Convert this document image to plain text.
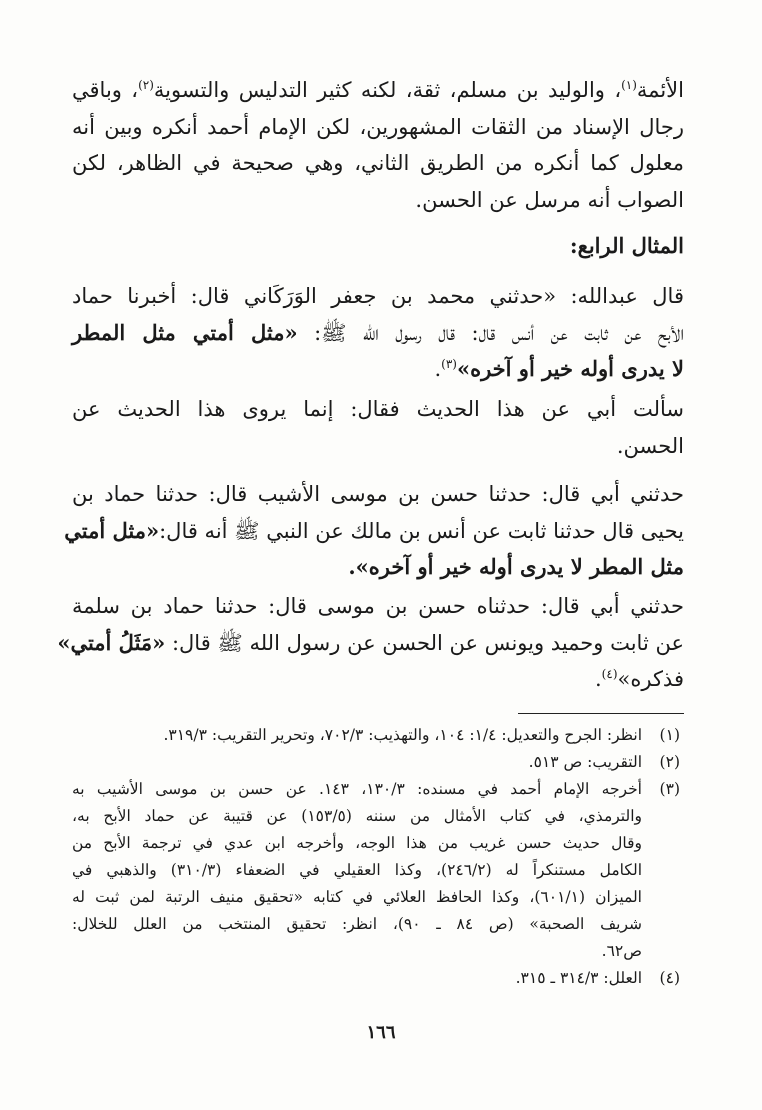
الأئمة$^{(١)}$، والوليد بن مسلم، ثقة، لكنه كثير التدليس والتسوية$^{(٢)}$، وباقي
رجال الإسناد من الثقات المشهورين، لكن الإمام أحمد أنكره وبين أنه
معلول كما أنكره من الطريق الثاني، وهي صحيحة في الظاهر، لكن
الصواب أنه مرسل عن الحسن.
المثال الرابع:
قال عبدالله: «حدثني محمد بن جعفر الوَرَكَاني قال: أخبرنا حماد
الأبح عن ثابت عن أنس قال: قال رسول الله ﷺ: «مثل أمتي مثل المطر
لا يدرى أوله خير أو آخره»$^{(٣)}$.
سألت أبي عن هذا الحديث فقال: إنما يروى هذا الحديث عن
الحسن.
حدثني أبي قال: حدثنا حسن بن موسى الأشيب قال: حدثنا حماد بن
يحيى قال حدثنا ثابت عن أنس بن مالك عن النبي ﷺ أنه قال:«مثل أمتي
مثل المطر لا يدرى أوله خير أو آخره».
حدثني أبي قال: حدثناه حسن بن موسى قال: حدثنا حماد بن سلمة
عن ثابت وحميد ويونس عن الحسن عن رسول الله ﷺ قال: «مَثَلُ أمتي»
فذكره»$^{(٤)}$.
(١)
انظر: الجرح والتعديل: ١/٤: ١٠٤، والتهذيب: ٧٠٢/٣، وتحرير التقريب: ٣١٩/٣.
(٢)
التقريب: ص ٥١٣.
(٣)
أخرجه الإمام أحمد في مسنده: ١٣٠/٣، ١٤٣. عن حسن بن موسى الأشيب به
والترمذي، في كتاب الأمثال من سننه (١٥٣/٥) عن قتيبة عن حماد الأبح به،
وقال حديث حسن غريب من هذا الوجه، وأخرجه ابن عدي في ترجمة الأبح من
الكامل مستنكراً له (٢٤٦/٢)، وكذا العقيلي في الضعفاء (٣١٠/٣) والذهبي في
الميزان (٦٠١/١)، وكذا الحافظ العلائي في كتابه «تحقيق منيف الرتبة لمن ثبت له
شريف الصحبة» (ص ٨٤ ـ ٩٠)، انظر: تحقيق المنتخب من العلل للخلال:
ص٦٢.
(٤)
العلل: ٣١٤/٣ ـ ٣١٥.
١٦٦
